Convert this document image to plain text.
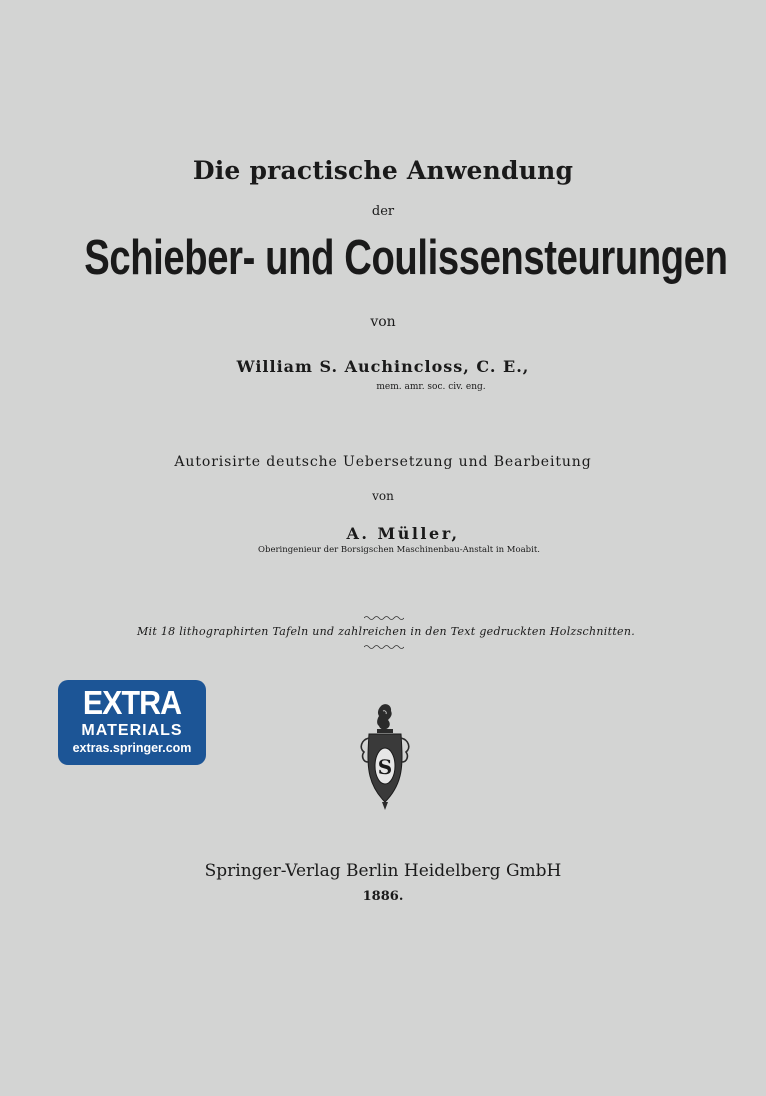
Die practische Anwendung
der
Schieber- und Coulissensteurungen
von
William S. Auchincloss, C. E.,
mem. amr. soc. civ. eng.
Autorisirte deutsche Uebersetzung und Bearbeitung
von
A. Müller,
Oberingenieur der Borsigschen Maschinenbau-Anstalt in Moabit.
Mit 18 lithographirten Tafeln und zahlreichen in den Text gedruckten Holzschnitten.
EXTRA
MATERIALS
extras.springer.com
S
Springer-Verlag Berlin Heidelberg GmbH
1886.
